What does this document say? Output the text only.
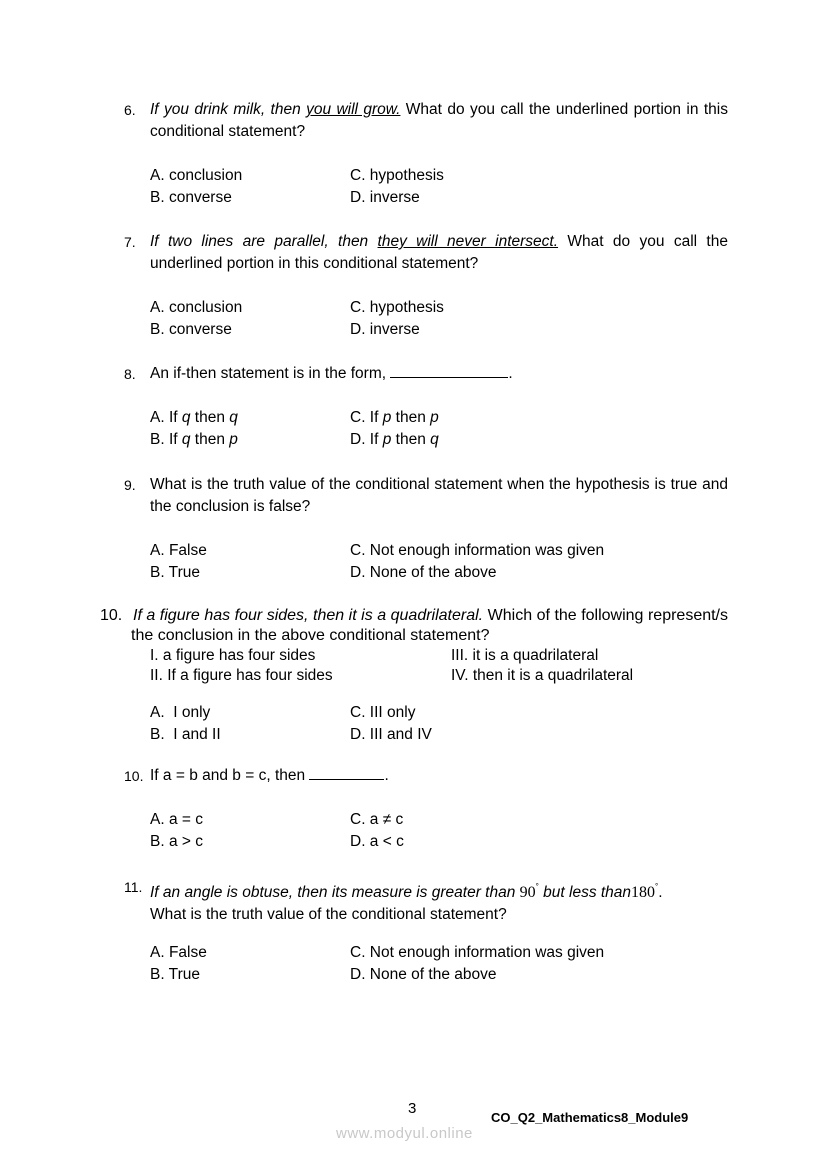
6. If you drink milk, then you will grow. What do you call the underlined portion in this conditional statement?
A. conclusion
B. converse
C. hypothesis
D. inverse
7. If two lines are parallel, then they will never intersect. What do you call the underlined portion in this conditional statement?
A. conclusion
B. converse
C. hypothesis
D. inverse
8. An if-then statement is in the form,	.
A. If q then q
B. If q then p
C. If p then p
D. If p then q
9. What is the truth value of the conditional statement when the hypothesis is true and the conclusion is false?
A. False
B. True
C. Not enough information was given
D. None of the above
10. If a figure has four sides, then it is a quadrilateral. Which of the following represent/s the conclusion in the above conditional statement?
I. a figure has four sides
II. If a figure has four sides
III. it is a quadrilateral
IV. then it is a quadrilateral
A.  I only
B.  I and II
C. III only
D. III and IV
10. If a = b and b = c, then	.
A. a = c
B. a > c
C. a ≠ c
D. a < c
11. If an angle is obtuse, then its measure is greater than 90° but less than180°.
What is the truth value of the conditional statement?
A. False
B. True
C. Not enough information was given
D. None of the above
3
CO_Q2_Mathematics8_Module9
www.modyul.online
